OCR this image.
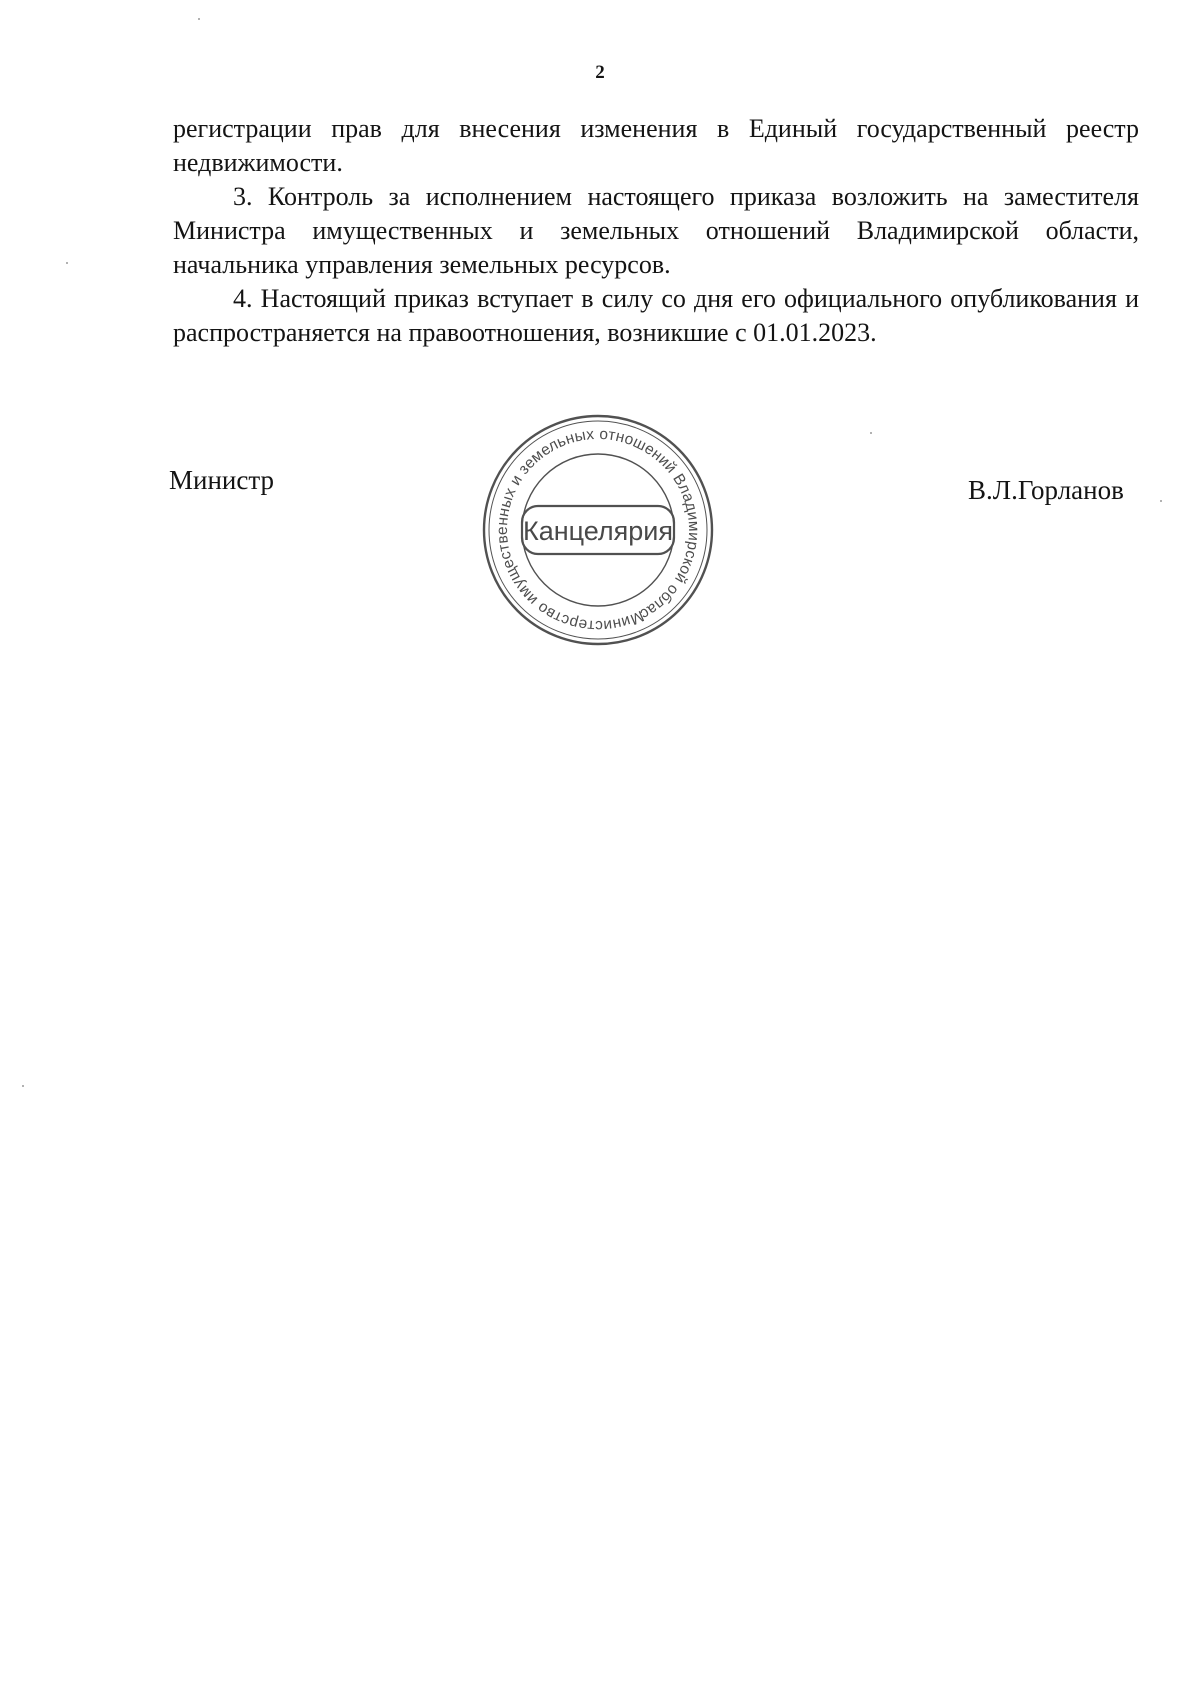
2

регистрации прав для внесения изменения в Единый государственный реестр недвижимости.

3. Контроль за исполнением настоящего приказа возложить на заместителя Министра имущественных и земельных отношений Владимирской области, начальника управления земельных ресурсов.

4. Настоящий приказ вступает в силу со дня его официального опубликования и распространяется на правоотношения, возникшие с 01.01.2023.

Министр
Министерство имущественных и земельных отношений Владимирской области
Канцелярия
В.Л.Горланов
